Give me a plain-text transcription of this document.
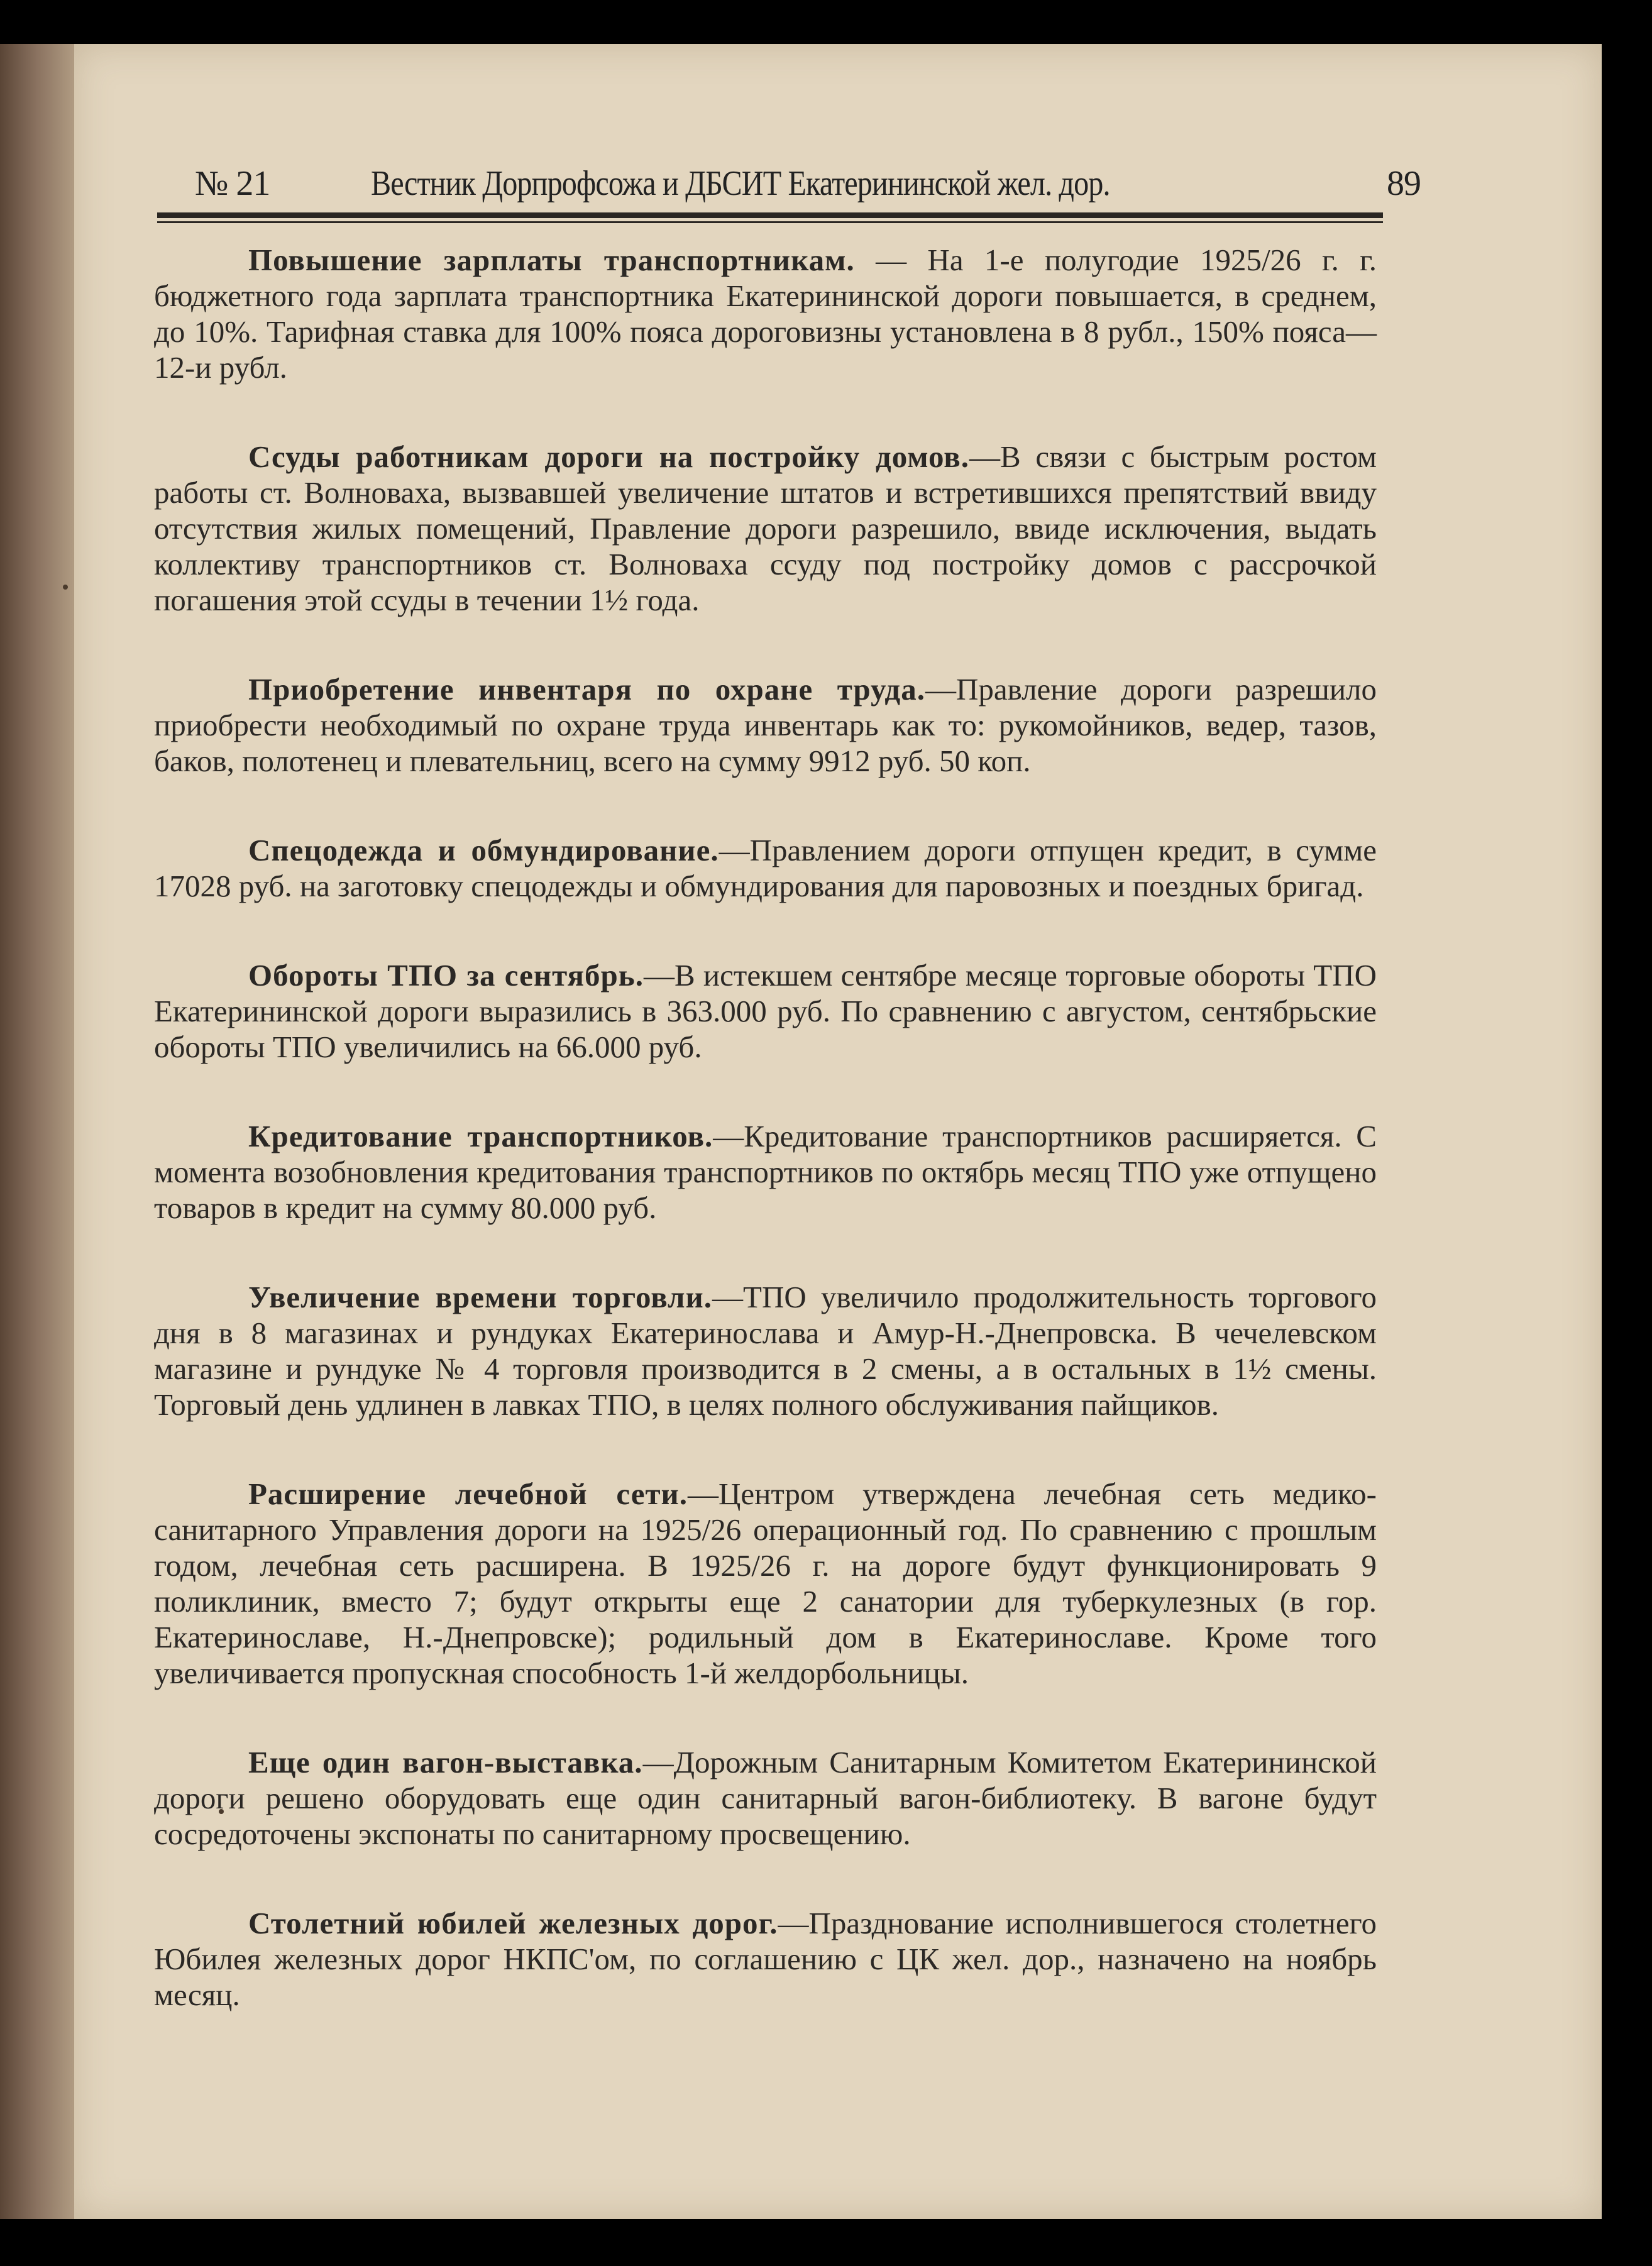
№ 21	Вестник Дорпрофсожа и ДБСИТ Екатерининской жел. дор.	89

Повышение зарплаты транспортникам. — На 1-е полугодие 1925/26 г. г. бюджетного года зарплата транспортника Екатерининской дороги повышается, в среднем, до 10%. Тарифная ставка для 100% пояса дороговизны установлена в 8 рубл., 150% пояса—12-и рубл.

Ссуды работникам дороги на постройку домов.—В связи с быстрым ростом работы ст. Волноваха, вызвавшей увеличение штатов и встретившихся препятствий ввиду отсутствия жилых помещений, Правление дороги разрешило, ввиде исключения, выдать коллективу транспортников ст. Волноваха ссуду под постройку домов с рассрочкой погашения этой ссуды в течении 1½ года.

Приобретение инвентаря по охране труда.—Правление дороги разрешило приобрести необходимый по охране труда инвентарь как то: рукомойников, ведер, тазов, баков, полотенец и плевательниц, всего на сумму 9912 руб. 50 коп.

Спецодежда и обмундирование.—Правлением дороги отпущен кредит, в сумме 17028 руб. на заготовку спецодежды и обмундирования для паровозных и поездных бригад.

Обороты ТПО за сентябрь.—В истекшем сентябре месяце торговые обороты ТПО Екатерининской дороги выразились в 363.000 руб. По сравнению с августом, сентябрьские обороты ТПО увеличились на 66.000 руб.

Кредитование транспортников.—Кредитование транспортников расширяется. С момента возобновления кредитования транспортников по октябрь месяц ТПО уже отпущено товаров в кредит на сумму 80.000 руб.

Увеличение времени торговли.—ТПО увеличило продолжительность торгового дня в 8 магазинах и рундуках Екатеринослава и Амур-Н.-Днепровска. В чечелевском магазине и рундуке № 4 торговля производится в 2 смены, а в остальных в 1½ смены. Торговый день удлинен в лавках ТПО, в целях полного обслуживания пайщиков.

Расширение лечебной сети.—Центром утверждена лечебная сеть медико-санитарного Управления дороги на 1925/26 операционный год. По сравнению с прошлым годом, лечебная сеть расширена. В 1925/26 г. на дороге будут функционировать 9 поликлиник, вместо 7; будут открыты еще 2 санатории для туберкулезных (в гор. Екатеринославе, Н.-Днепровске); родильный дом в Екатеринославе. Кроме того увеличивается пропускная способность 1-й желдорбольницы.

Еще один вагон-выставка.—Дорожным Санитарным Комитетом Екатерининской дороги решено оборудовать еще один санитарный вагон-библиотеку. В вагоне будут сосредоточены экспонаты по санитарному просвещению.

Столетний юбилей железных дорог.—Празднование исполнившегося столетнего Юбилея железных дорог НКПС'ом, по соглашению с ЦК жел. дор., назначено на ноябрь месяц.
